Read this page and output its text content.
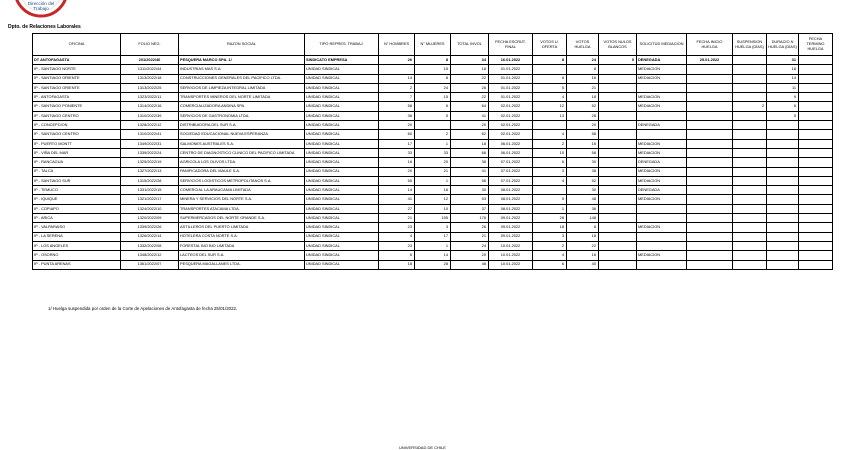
Dirección del
Trabajo
Dpto. de Relaciones Laborales
OFICINA	FOLIO NEG.	RAZON SOCIAL	TIPO REPRES. TRABAJ.	N° HOMBRES	N° MUJERES	TOTAL INVOL	FECHA ESCRUT. FINAL	VOTOS U. OFERTA	VOTOS HUELGA	VOTOS NULOS BLANCOS	SOLICITUD MEDIACION	FECHA INICIO HUELGA	SUSPENSION HUELGA (DÍAS)	DURACIO N HUELGA (DÍAS)	FECHA TERMINO HUELGA
DT ANTOFAGASTA	201/2022/46	PESQUERA MARCO SPA. 1/	SINDICATO EMPRESA	26	8	34	16.01.2022	8	24	0	DENEGADA	25.01.2022		31	
IP - SANTIAGO NORTE	1311/2022/44	INDUSTRIAS MAS S.A.	UNIDAD SINDICAL		15	18	01.01.2022		8		MEDIACION			18	
IP - SANTIAGO ORIENTE	1313/2022/18	CONSTRUCCIONES GENERALES DEL PACIFICO LTDA.	UNIDAD SINDICAL	14	8	22	01.01.2022	6	16		MEDIACION			14	
IP - SANTIAGO ORIENTE	1313/2022/25	SERVICIOS DE LIMPIEZA INTEGRAL LIMITADA	UNIDAD SINDICAL	2	24	26	01.01.2022	5	21					11	
IP - ANTOFAGASTA	1323/2022/11	TRANSPORTES MINEROS DEL NORTE LIMITADA	UNIDAD SINDICAL	7	15	22	01.01.2022	4	18		MEDIACION			9	
IP - SANTIAGO PONIENTE	1314/2022/16	COMERCIALIZADORA ANDINA SPA.	UNIDAD SINDICAL	58	6	64	02.01.2022	12	52		MEDIACION		2	6	
IP - SANTIAGO CENTRO	1310/2022/39	SERVICIOS DE GASTRONOMIA LTDA.	UNIDAD SINDICAL	36	5	41	02.01.2022	13	28					5	
IP - CONCEPCION	1328/2022/12	DISTRIBUIDORA DEL SUR S.A.	UNIDAD SINDICAL	20		20	02.01.2022		20		DENEGADA				
IP - SANTIAGO CENTRO	1310/2022/41	SOCIEDAD EDUCACIONAL NUEVA ESPERANZA	UNIDAD SINDICAL	60	2	62	02.01.2022	4	58						
IP - PUERTO MONTT	1349/2022/31	SALMONES AUSTRALES S.A.	UNIDAD SINDICAL	17	1	18	06.01.2022	2	16		MEDIACION				
IP - VIÑA DEL MAR	1339/2022/24	CENTRO DE DIAGNOSTICO CLINICO DEL PACIFICO LIMITADA	UNIDAD SINDICAL	33	33	66	06.01.2022	10	56		MEDIACION				
IP - RANCAGUA	1325/2022/19	AGRICOLA LOS OLIVOS LTDA.	UNIDAD SINDICAL	16	20	36	07.01.2022	6	30		DENEGADA				
IP - TALCA	1327/2022/13	PANIFICADORA DEL MAULE S.A.	UNIDAD SINDICAL	20	21	41	07.01.2022	3	38		MEDIACION				
IP - SANTIAGO SUR	1315/2022/28	SERVICIOS LOGISTICOS METROPOLITANOS S.A.	UNIDAD SINDICAL	55	1	56	07.01.2022	4	52		MEDIACION				
IP - TEMUCO	1331/2022/15	COMERCIAL LA ARAUCANIA LIMITADA	UNIDAD SINDICAL	14	16	30	08.01.2022		30		DENEGADA				
IP - IQUIQUE	1321/2022/17	MINERA Y SERVICIOS DEL NORTE S.A.	UNIDAD SINDICAL	41	12	53	08.01.2022	5	48		MEDIACION				
IP - COPIAPO	1324/2022/10	TRANSPORTES ATACAMA LTDA.	UNIDAD SINDICAL	27	10	37	08.01.2022	1	36						
IP - ARICA	1320/2022/09	SUPERMERCADOS DEL NORTE GRANDE S.A.	UNIDAD SINDICAL	21	155	176	09.01.2022	28	148						
IP - VALPARAISO	1339/2022/26	ASTILLEROS DEL PUERTO LIMITADA	UNIDAD SINDICAL	23	3	26	09.01.2022	18	8		MEDIACION				
IP - LA SERENA	1326/2022/14	HOTELERA COSTA NORTE S.A.	UNIDAD SINDICAL	4	17	21	09.01.2022	3	18						
IP - LOS ANGELES	1332/2022/08	FORESTAL BIO BIO LIMITADA	UNIDAD SINDICAL	23	1	24	10.01.2022	2	22						
IP - OSORNO	1348/2022/12	LACTEOS DEL SUR S.A.	UNIDAD SINDICAL	6	14	20	10.01.2022	4	16		MEDIACION				
IP - PUNTA ARENAS	1361/2022/07	PESQUERA MAGALLANES LTDA.	UNIDAD SINDICAL	18	28	46	10.01.2022	6	40						
1/ Huelga suspendida por orden de la Corte de Apelaciones de Antofagasta de fecha 25/01/2022.
UNIVERSIDAD DE CHILE
